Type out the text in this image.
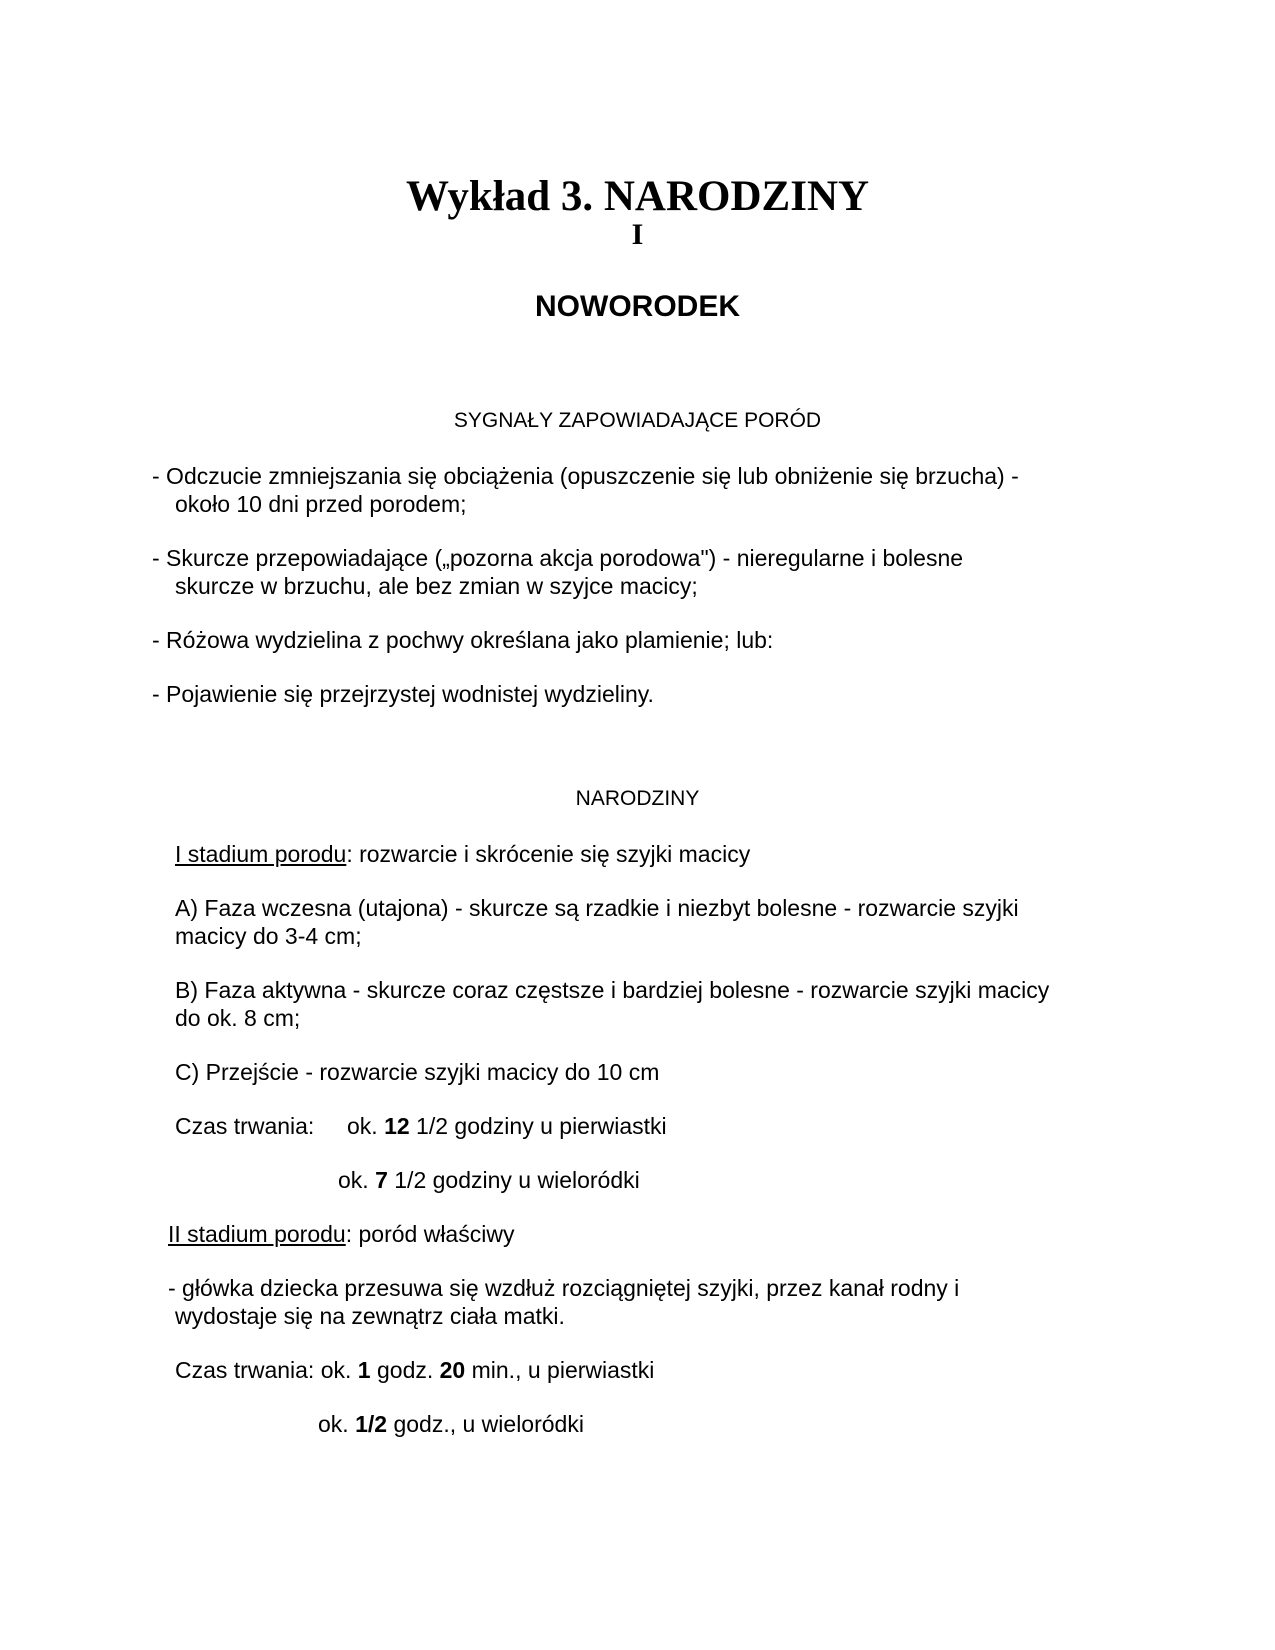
Wykład 3. NARODZINY
I
NOWORODEK
SYGNAŁY ZAPOWIADAJĄCE PORÓD
- Odczucie zmniejszania się obciążenia (opuszczenie się lub obniżenie się brzucha) -
około 10 dni przed porodem;
- Skurcze przepowiadające („pozorna akcja porodowa") - nieregularne i bolesne
skurcze w brzuchu, ale bez zmian w szyjce macicy;
- Różowa wydzielina z pochwy określana jako plamienie; lub:
- Pojawienie się przejrzystej wodnistej wydzieliny.
NARODZINY
I stadium porodu: rozwarcie i skrócenie się szyjki macicy
A) Faza wczesna (utajona) - skurcze są rzadkie i niezbyt bolesne - rozwarcie szyjki
macicy do 3-4 cm;
B) Faza aktywna - skurcze coraz częstsze i bardziej bolesne - rozwarcie szyjki macicy
do ok. 8 cm;
C) Przejście - rozwarcie szyjki macicy do 10 cm
Czas trwania: ok. 12 1/2 godziny u pierwiastki
ok. 7 1/2 godziny u wieloródki
II stadium porodu: poród właściwy
- główka dziecka przesuwa się wzdłuż rozciągniętej szyjki, przez kanał rodny i
wydostaje się na zewnątrz ciała matki.
Czas trwania: ok. 1 godz. 20 min., u pierwiastki
ok. 1/2 godz., u wieloródki
